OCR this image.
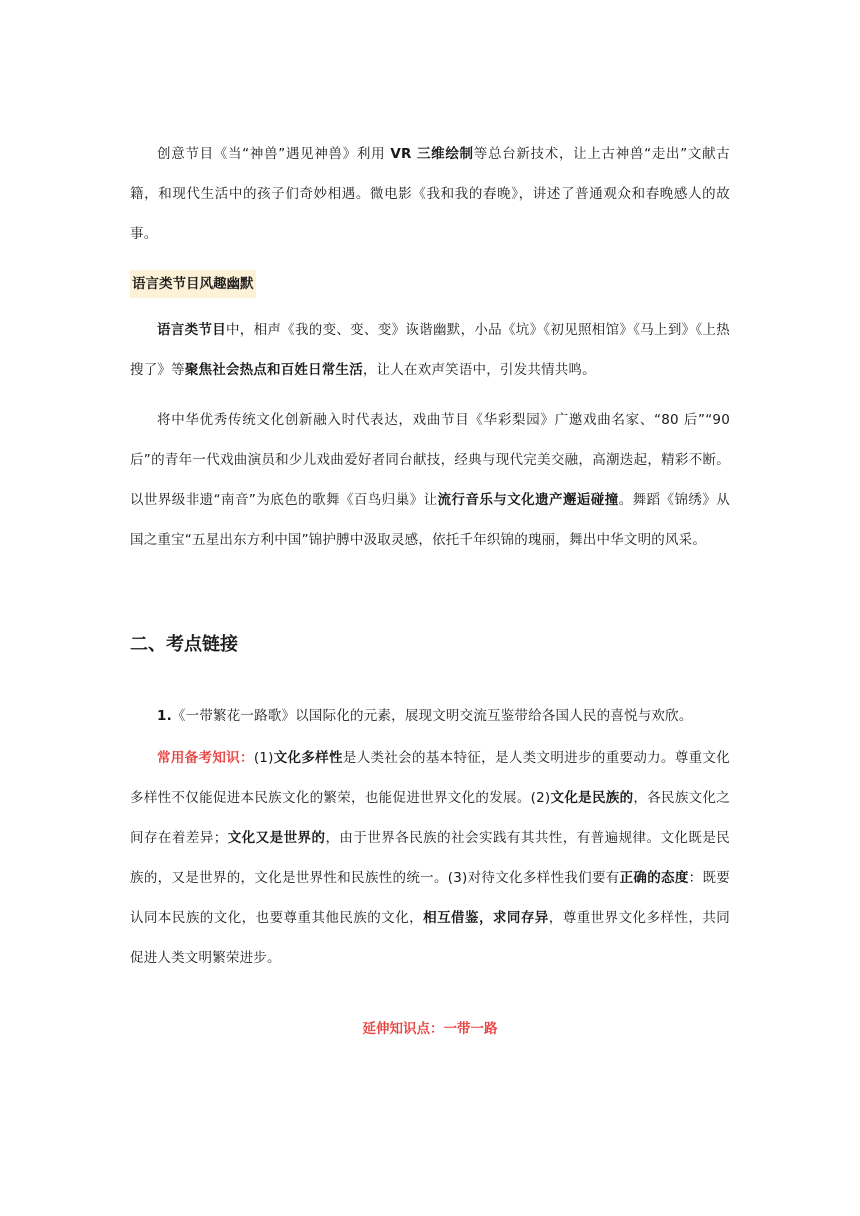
创意节目《当“神兽”遇见神兽》利用 VR 三维绘制等总台新技术，让上古神兽“走出”文献古籍，和现代生活中的孩子们奇妙相遇。微电影《我和我的春晚》，讲述了普通观众和春晚感人的故事。

语言类节目风趣幽默

语言类节目中，相声《我的变、变、变》诙谐幽默，小品《坑》《初见照相馆》《马上到》《上热搜了》等聚焦社会热点和百姓日常生活，让人在欢声笑语中，引发共情共鸣。

将中华优秀传统文化创新融入时代表达，戏曲节目《华彩梨园》广邀戏曲名家、“80 后”“90 后”的青年一代戏曲演员和少儿戏曲爱好者同台献技，经典与现代完美交融，高潮迭起，精彩不断。以世界级非遗“南音”为底色的歌舞《百鸟归巢》让流行音乐与文化遗产邂逅碰撞。舞蹈《锦绣》从国之重宝“五星出东方利中国”锦护膊中汲取灵感，依托千年织锦的瑰丽，舞出中华文明的风采。

二、考点链接

1.《一带繁花一路歌》以国际化的元素，展现文明交流互鉴带给各国人民的喜悦与欢欣。

常用备考知识：(1)文化多样性是人类社会的基本特征，是人类文明进步的重要动力。尊重文化多样性不仅能促进本民族文化的繁荣，也能促进世界文化的发展。(2)文化是民族的，各民族文化之间存在着差异；文化又是世界的，由于世界各民族的社会实践有其共性，有普遍规律。文化既是民族的，又是世界的，文化是世界性和民族性的统一。(3)对待文化多样性我们要有正确的态度：既要认同本民族的文化，也要尊重其他民族的文化，相互借鉴，求同存异，尊重世界文化多样性，共同促进人类文明繁荣进步。

延伸知识点：一带一路
